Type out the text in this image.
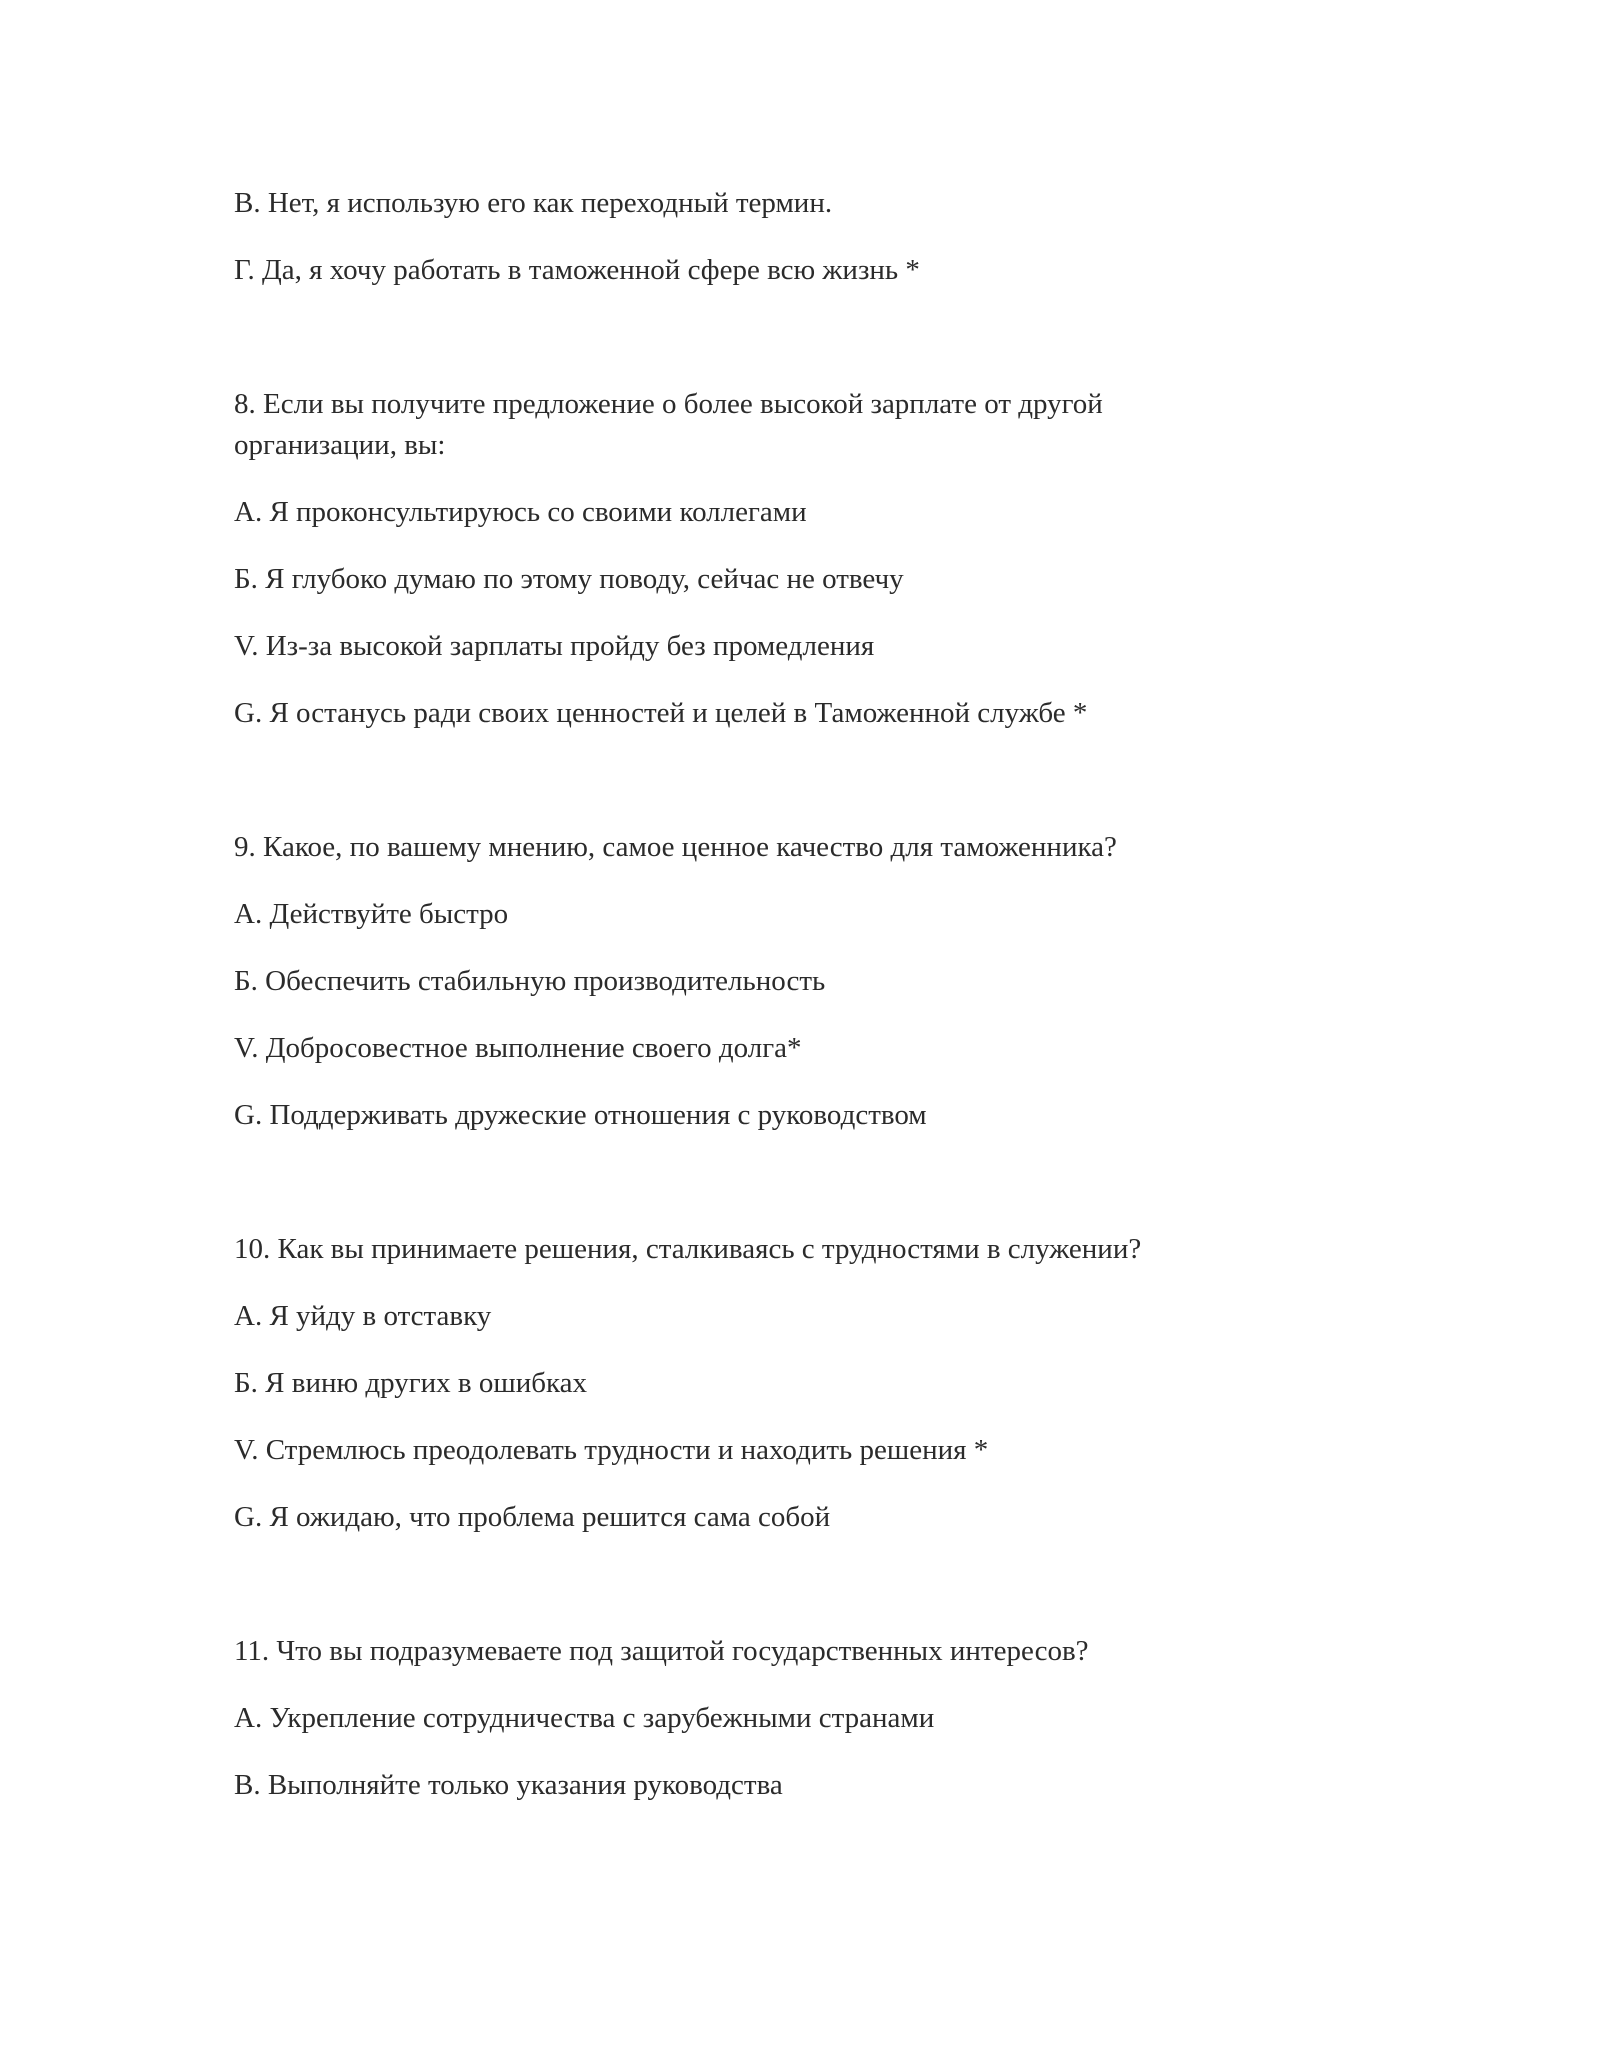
В. Нет, я использую его как переходный термин.

Г. Да, я хочу работать в таможенной сфере всю жизнь *

8. Если вы получите предложение о более высокой зарплате от другой
организации, вы:

А. Я проконсультируюсь со своими коллегами

Б. Я глубоко думаю по этому поводу, сейчас не отвечу

V. Из-за высокой зарплаты пройду без промедления

G. Я останусь ради своих ценностей и целей в Таможенной службе *

9. Какое, по вашему мнению, самое ценное качество для таможенника?

А. Действуйте быстро

Б. Обеспечить стабильную производительность

V. Добросовестное выполнение своего долга*

G. Поддерживать дружеские отношения с руководством

10. Как вы принимаете решения, сталкиваясь с трудностями в служении?

А. Я уйду в отставку

Б. Я виню других в ошибках

V. Стремлюсь преодолевать трудности и находить решения *

G. Я ожидаю, что проблема решится сама собой

11. Что вы подразумеваете под защитой государственных интересов?

А. Укрепление сотрудничества с зарубежными странами

В. Выполняйте только указания руководства
